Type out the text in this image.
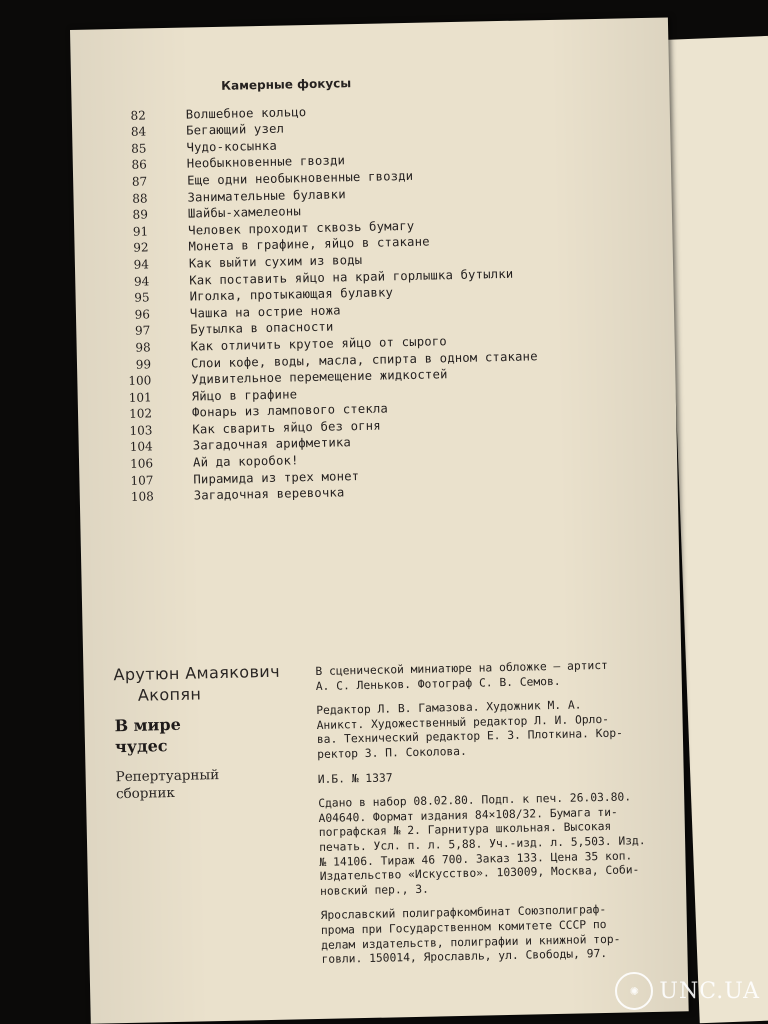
Камерные фокусы
82	Волшебное кольцо
84	Бегающий узел
85	Чудо-косынка
86	Необыкновенные гвозди
87	Еще одни необыкновенные гвозди
88	Занимательные булавки
89	Шайбы-хамелеоны
91	Человек проходит сквозь бумагу
92	Монета в графине, яйцо в стакане
94	Как выйти сухим из воды
94	Как поставить яйцо на край горлышка бутылки
95	Иголка, протыкающая булавку
96	Чашка на острие ножа
97	Бутылка в опасности
98	Как отличить крутое яйцо от сырого
99	Слои кофе, воды, масла, спирта в одном стакане
100	Удивительное перемещение жидкостей
101	Яйцо в графине
102	Фонарь из лампового стекла
103	Как сварить яйцо без огня
104	Загадочная арифметика
106	Ай да коробок!
107	Пирамида из трех монет
108	Загадочная веревочка
Арутюн Амаякович
Акопян
В мире
чудес
Репертуарный
сборник

В сценической миниатюре на обложке — артист
А. С. Леньков. Фотограф С. В. Семов.

Редактор Л. В. Гамазова. Художник М. А.
Аникст. Художественный редактор Л. И. Орло-
ва. Технический редактор Е. З. Плоткина. Кор-
ректор З. П. Соколова.

И.Б. № 1337

Сдано в набор 08.02.80. Подп. к печ. 26.03.80.
А04640. Формат издания 84×108/32. Бумага ти-
пографская № 2. Гарнитура школьная. Высокая
печать. Усл. п. л. 5,88. Уч.-изд. л. 5,503. Изд.
№ 14106. Тираж 46 700. Заказ 133. Цена 35 коп.
Издательство «Искусство». 103009, Москва, Соби-
новский пер., 3.

Ярославский полиграфкомбинат Союзполиграф-
прома при Государственном комитете СССР по
делам издательств, полиграфии и книжной тор-
говли. 150014, Ярославль, ул. Свободы, 97.

✺ UNC.UA
